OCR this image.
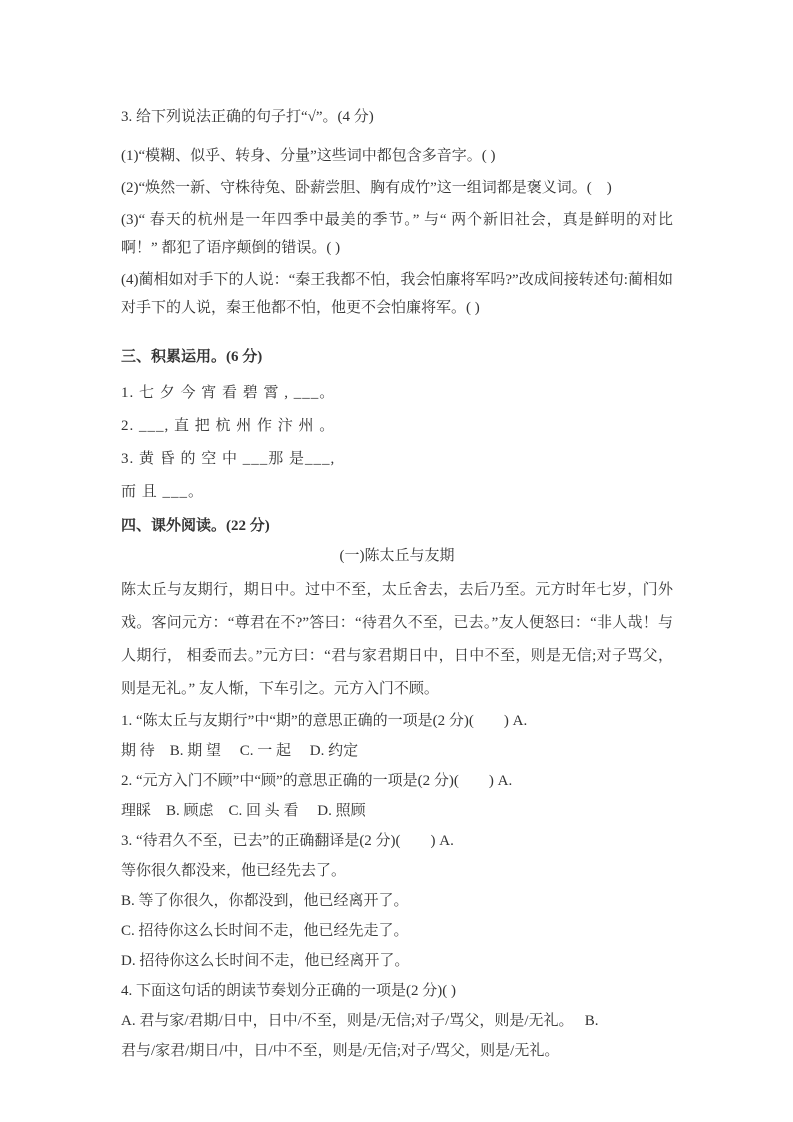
3. 给下列说法正确的句子打“√”。(4 分)

(1)“模糊、似乎、转身、分量”这些词中都包含多音字。( )

(2)“焕然一新、守株待兔、卧薪尝胆、胸有成竹”这一组词都是褒义词。(　)

(3)“ 春天的杭州是一年四季中最美的季节。” 与“ 两个新旧社会，真是鲜明的对比啊！” 都犯了语序颠倒的错误。( )

(4)蔺相如对手下的人说：“秦王我都不怕，我会怕廉将军吗?”改成间接转述句:蔺相如对手下的人说，秦王他都不怕，他更不会怕廉将军。( )

三、积累运用。(6 分)

1. 七 夕 今 宵 看 碧 霄 , ___。

2. ___, 直 把 杭 州 作 汴 州 。

3. 黄 昏 的 空 中 ___那 是___,

而 且 ___。

四、课外阅读。(22 分)

(一)陈太丘与友期

陈太丘与友期行，期日中。过中不至，太丘舍去，去后乃至。元方时年七岁，门外戏。客问元方：“尊君在不?”答曰：“待君久不至，已去。”友人便怒曰：“非人哉！与人期行， 相委而去。”元方曰：“君与家君期日中，日中不至，则是无信;对子骂父，则是无礼。” 友人惭，下车引之。元方入门不顾。

1. “陈太丘与友期行”中“期”的意思正确的一项是(2 分)(　　) A.

期 待　B. 期 望 　C. 一 起 　D. 约定

2. “元方入门不顾”中“顾”的意思正确的一项是(2 分)(　　) A.

理睬　B. 顾虑　C. 回 头 看 　D. 照顾

3. “待君久不至，已去”的正确翻译是(2 分)(　　) A.

等你很久都没来，他已经先去了。

B. 等了你很久，你都没到，他已经离开了。

C. 招待你这么长时间不走，他已经先走了。

D. 招待你这么长时间不走，他已经离开了。

4. 下面这句话的朗读节奏划分正确的一项是(2 分)( )

A. 君与家/君期/日中，日中/不至，则是/无信;对子/骂父，则是/无礼。　 B.

君与/家君/期日/中，日/中不至，则是/无信;对子/骂父，则是/无礼。
